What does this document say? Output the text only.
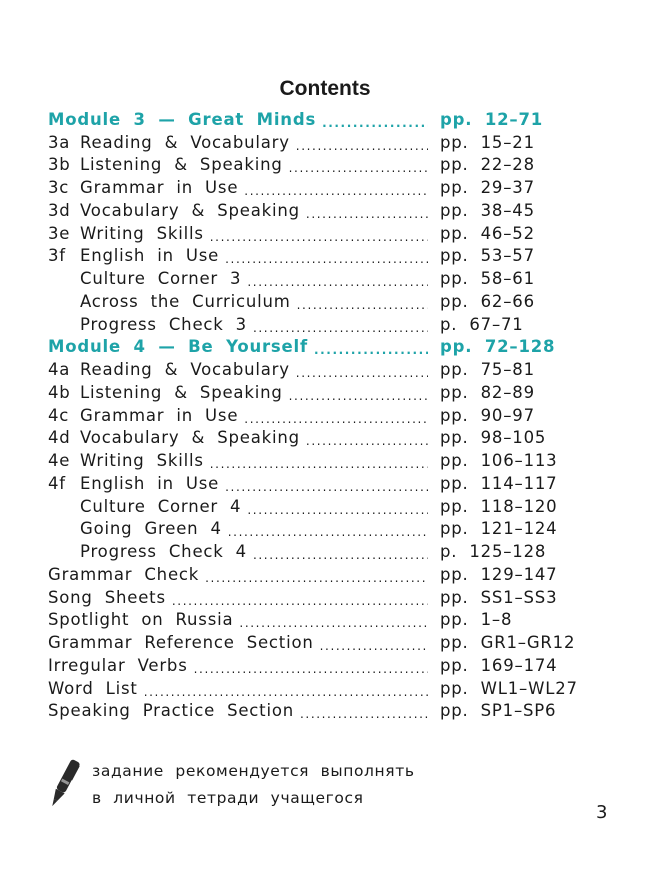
Contents
Module 3 — Great Minds .....	pp. 12–71
3a Reading & Vocabulary .....	pp. 15–21
3b Listening & Speaking .....	pp. 22–28
3c Grammar in Use .....	pp. 29–37
3d Vocabulary & Speaking .....	pp. 38–45
3e Writing Skills .....	pp. 46–52
3f English in Use .....	pp. 53–57
Culture Corner 3 .....	pp. 58–61
Across the Curriculum .....	pp. 62–66
Progress Check 3 .....	p. 67–71
Module 4 — Be Yourself .....	pp. 72–128
4a Reading & Vocabulary .....	pp. 75–81
4b Listening & Speaking .....	pp. 82–89
4c Grammar in Use .....	pp. 90–97
4d Vocabulary & Speaking .....	pp. 98–105
4e Writing Skills .....	pp. 106–113
4f English in Use .....	pp. 114–117
Culture Corner 4 .....	pp. 118–120
Going Green 4 .....	pp. 121–124
Progress Check 4 .....	p. 125–128
Grammar Check .....	pp. 129–147
Song Sheets .....	pp. SS1–SS3
Spotlight on Russia .....	pp. 1–8
Grammar Reference Section .....	pp. GR1–GR12
Irregular Verbs .....	pp. 169–174
Word List .....	pp. WL1–WL27
Speaking Practice Section .....	pp. SP1–SP6
задание рекомендуется выполнять
в личной тетради учащегося
3
